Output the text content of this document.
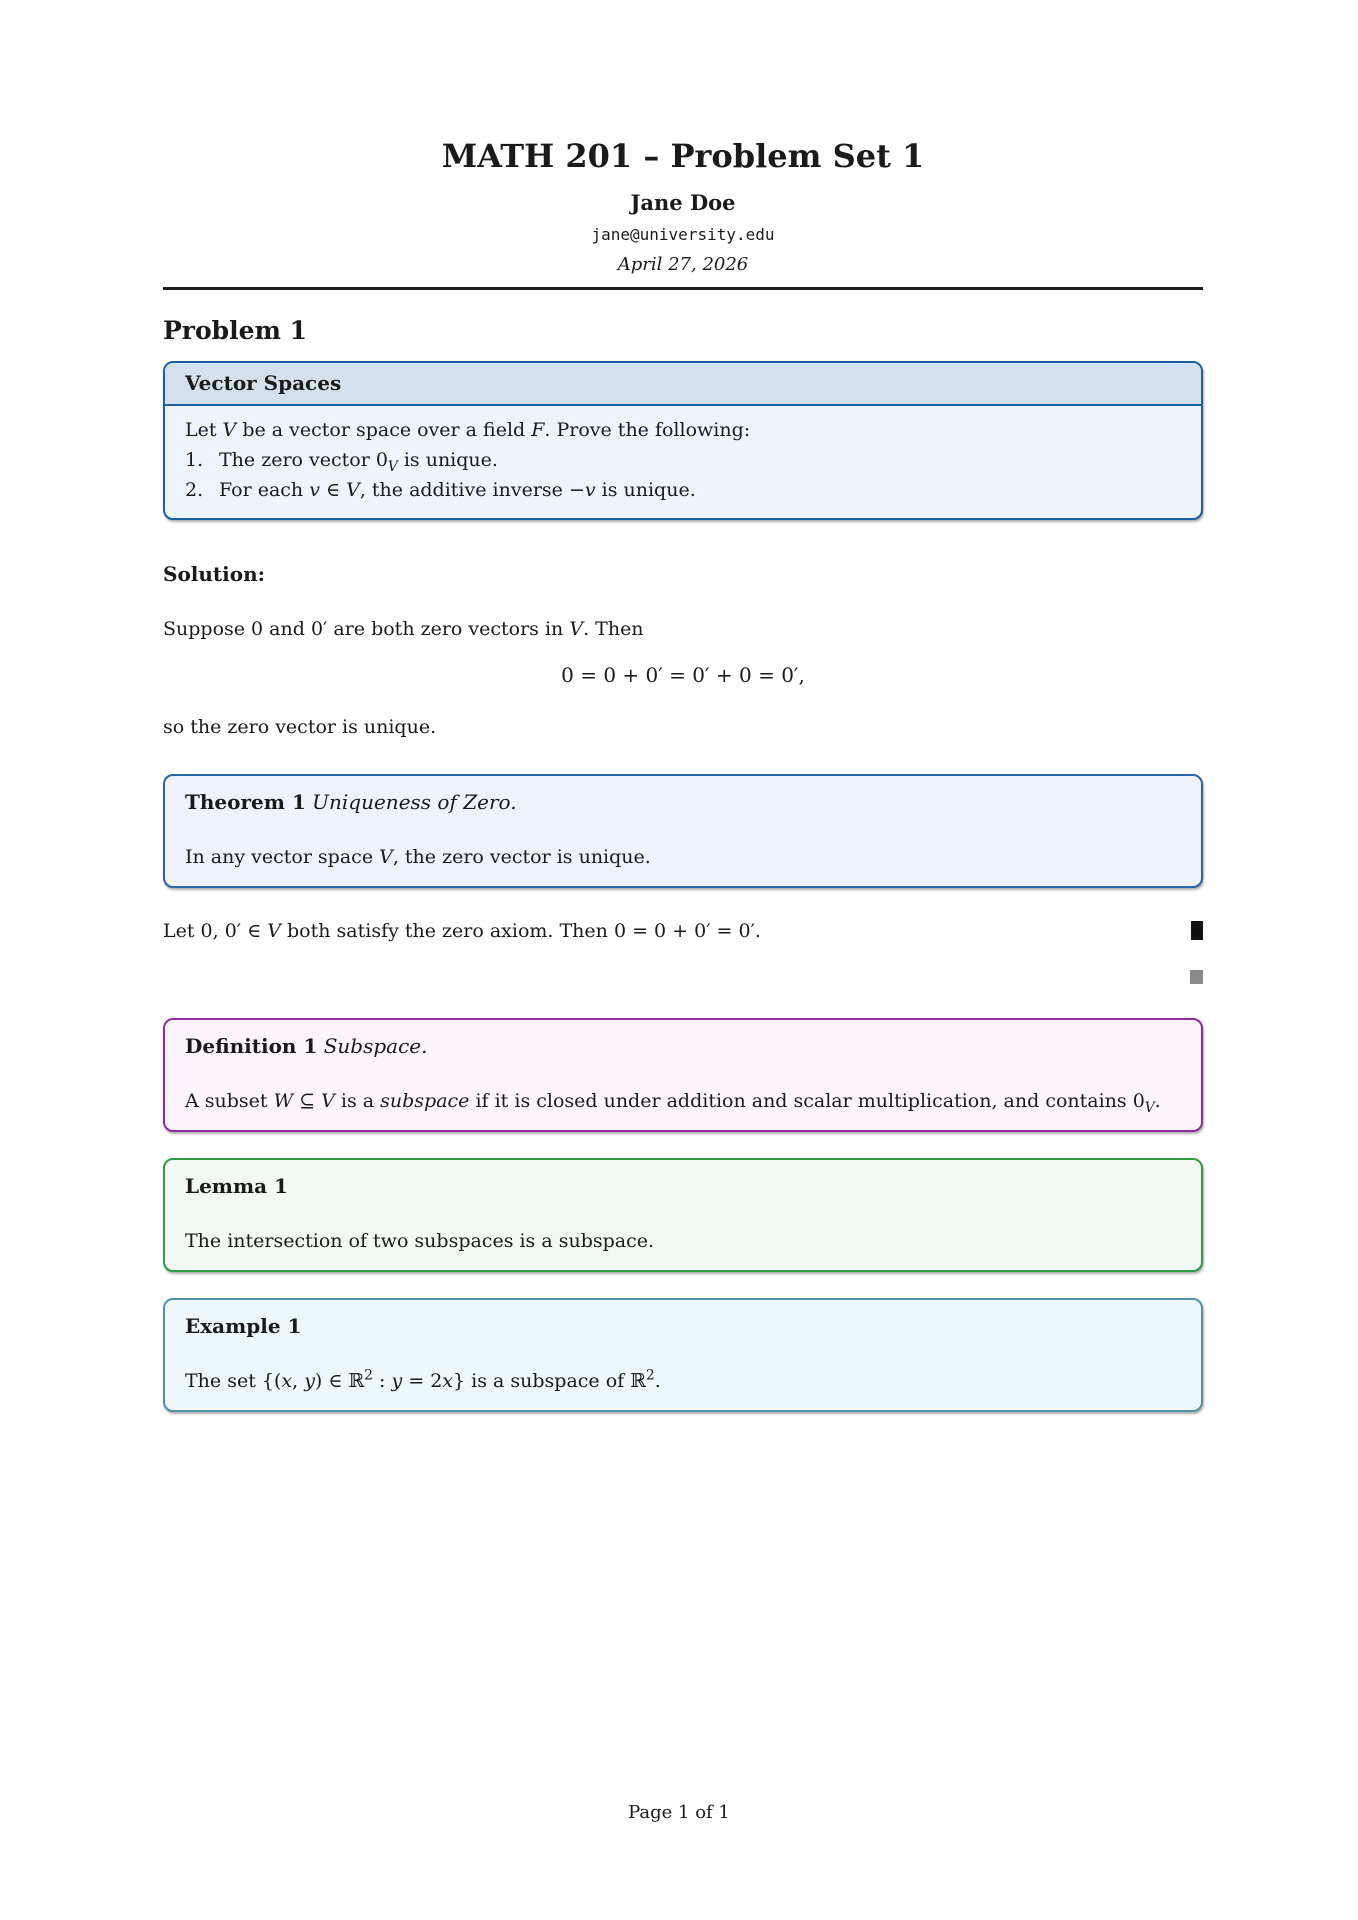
MATH 201 – Problem Set 1
Jane Doe
jane@university.edu
April 27, 2026
Problem 1
Vector Spaces

Let V be a vector space over a field F. Prove the following:

1. The zero vector $0_V$ is unique.
2. For each v ∈ V, the additive inverse −v is unique.

Solution:

Suppose 0 and 0′ are both zero vectors in V. Then

0 = 0 + 0′ = 0′ + 0 = 0′,

so the zero vector is unique.

Theorem 1 Uniqueness of Zero.

In any vector space V, the zero vector is unique.

Let 0, 0′ ∈ V both satisfy the zero axiom. Then 0 = 0 + 0′ = 0′.

Definition 1 Subspace.

A subset W ⊆ V is a subspace if it is closed under addition and scalar multiplication, and contains $0_V$.

Lemma 1

The intersection of two subspaces is a subspace.

Example 1

The set {(x, y) ∈ ℝ$^2$ : y = 2x} is a subspace of ℝ$^2$.

Page 1 of 1
